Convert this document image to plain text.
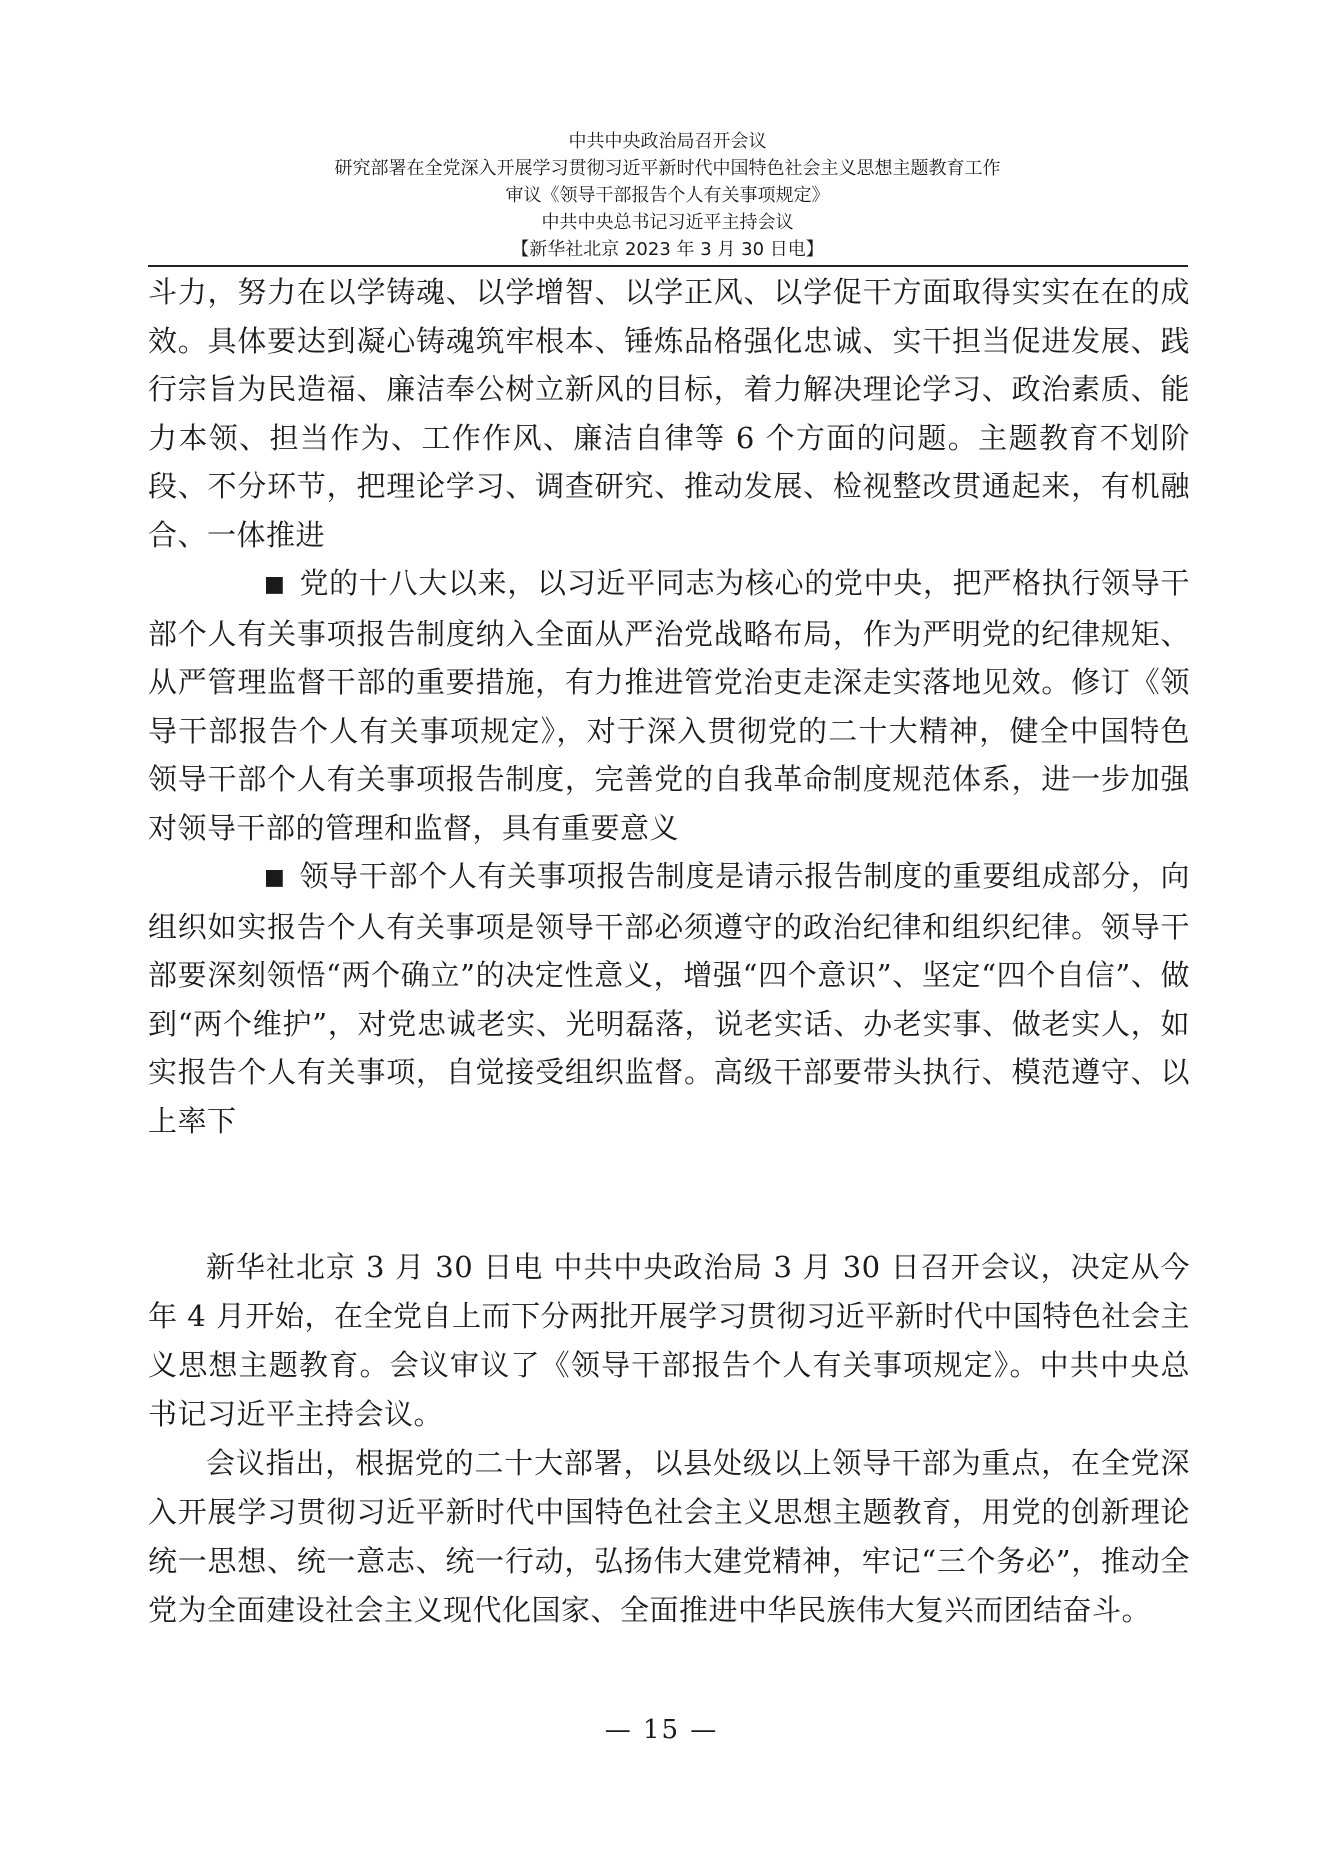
中共中央政治局召开会议
研究部署在全党深入开展学习贯彻习近平新时代中国特色社会主义思想主题教育工作
审议《领导干部报告个人有关事项规定》
中共中央总书记习近平主持会议
【新华社北京 2023 年 3 月 30 日电】

斗力，努力在以学铸魂、以学增智、以学正风、以学促干方面取得实实在在的成效。具体要达到凝心铸魂筑牢根本、锤炼品格强化忠诚、实干担当促进发展、践行宗旨为民造福、廉洁奉公树立新风的目标，着力解决理论学习、政治素质、能力本领、担当作为、工作作风、廉洁自律等 6 个方面的问题。主题教育不划阶段、不分环节，把理论学习、调查研究、推动发展、检视整改贯通起来，有机融合、一体推进

■ 党的十八大以来，以习近平同志为核心的党中央，把严格执行领导干部个人有关事项报告制度纳入全面从严治党战略布局，作为严明党的纪律规矩、从严管理监督干部的重要措施，有力推进管党治吏走深走实落地见效。修订《领导干部报告个人有关事项规定》，对于深入贯彻党的二十大精神，健全中国特色领导干部个人有关事项报告制度，完善党的自我革命制度规范体系，进一步加强对领导干部的管理和监督，具有重要意义

■ 领导干部个人有关事项报告制度是请示报告制度的重要组成部分，向组织如实报告个人有关事项是领导干部必须遵守的政治纪律和组织纪律。领导干部要深刻领悟“两个确立”的决定性意义，增强“四个意识”、坚定“四个自信”、做到“两个维护”，对党忠诚老实、光明磊落，说老实话、办老实事、做老实人，如实报告个人有关事项，自觉接受组织监督。高级干部要带头执行、模范遵守、以上率下

新华社北京 3 月 30 日电 中共中央政治局 3 月 30 日召开会议，决定从今年 4 月开始，在全党自上而下分两批开展学习贯彻习近平新时代中国特色社会主义思想主题教育。会议审议了《领导干部报告个人有关事项规定》。中共中央总书记习近平主持会议。

会议指出，根据党的二十大部署，以县处级以上领导干部为重点，在全党深入开展学习贯彻习近平新时代中国特色社会主义思想主题教育，用党的创新理论统一思想、统一意志、统一行动，弘扬伟大建党精神，牢记“三个务必”，推动全党为全面建设社会主义现代化国家、全面推进中华民族伟大复兴而团结奋斗。

— 15 —
